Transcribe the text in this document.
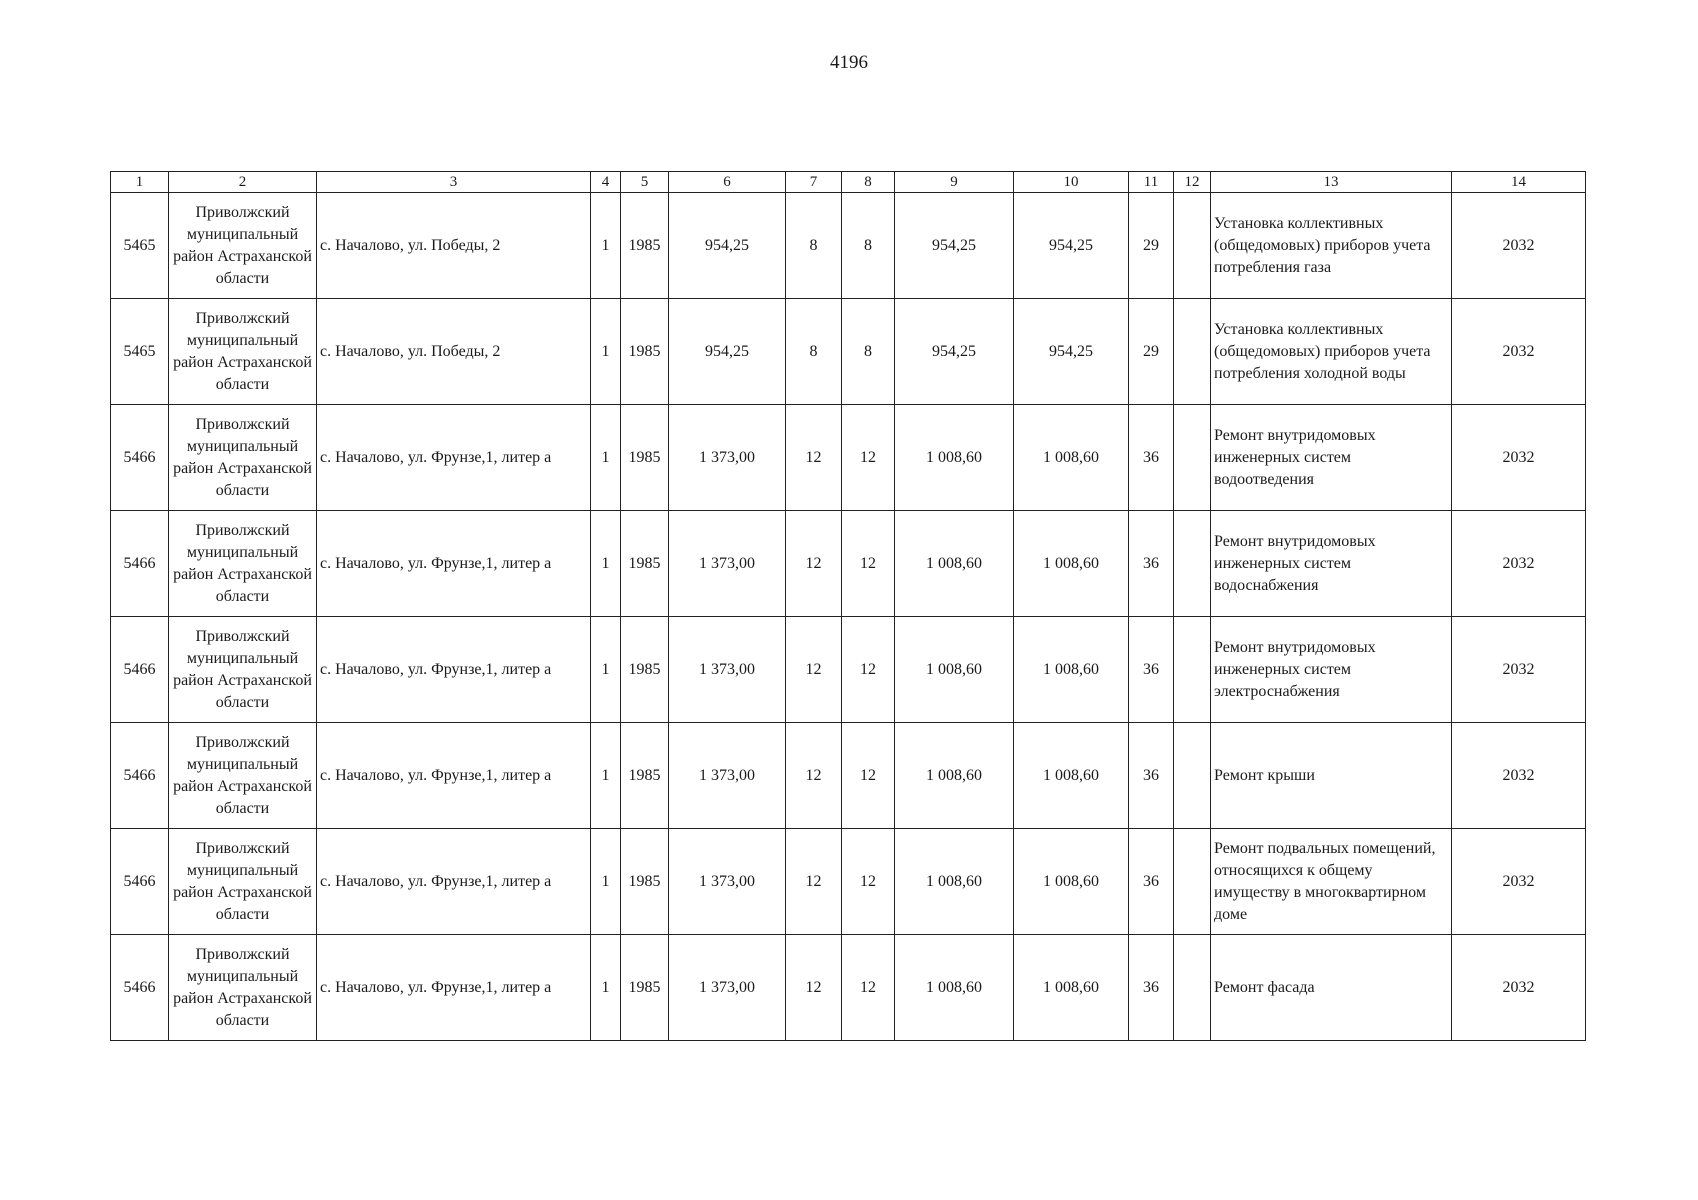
4196
1	2	3	4	5	6	7	8	9	10	11	12	13	14
5465	Приволжский муниципальный район Астраханской области	с. Началово, ул. Победы, 2	1	1985	954,25	8	8	954,25	954,25	29		Установка коллективных (общедомовых) приборов учета потребления газа	2032
5465	Приволжский муниципальный район Астраханской области	с. Началово, ул. Победы, 2	1	1985	954,25	8	8	954,25	954,25	29		Установка коллективных (общедомовых) приборов учета потребления холодной воды	2032
5466	Приволжский муниципальный район Астраханской области	с. Началово, ул. Фрунзе,1, литер а	1	1985	1 373,00	12	12	1 008,60	1 008,60	36		Ремонт внутридомовых инженерных систем водоотведения	2032
5466	Приволжский муниципальный район Астраханской области	с. Началово, ул. Фрунзе,1, литер а	1	1985	1 373,00	12	12	1 008,60	1 008,60	36		Ремонт внутридомовых инженерных систем водоснабжения	2032
5466	Приволжский муниципальный район Астраханской области	с. Началово, ул. Фрунзе,1, литер а	1	1985	1 373,00	12	12	1 008,60	1 008,60	36		Ремонт внутридомовых инженерных систем электроснабжения	2032
5466	Приволжский муниципальный район Астраханской области	с. Началово, ул. Фрунзе,1, литер а	1	1985	1 373,00	12	12	1 008,60	1 008,60	36		Ремонт крыши	2032
5466	Приволжский муниципальный район Астраханской области	с. Началово, ул. Фрунзе,1, литер а	1	1985	1 373,00	12	12	1 008,60	1 008,60	36		Ремонт подвальных помещений, относящихся к общему имуществу в многоквартирном доме	2032
5466	Приволжский муниципальный район Астраханской области	с. Началово, ул. Фрунзе,1, литер а	1	1985	1 373,00	12	12	1 008,60	1 008,60	36		Ремонт фасада	2032
